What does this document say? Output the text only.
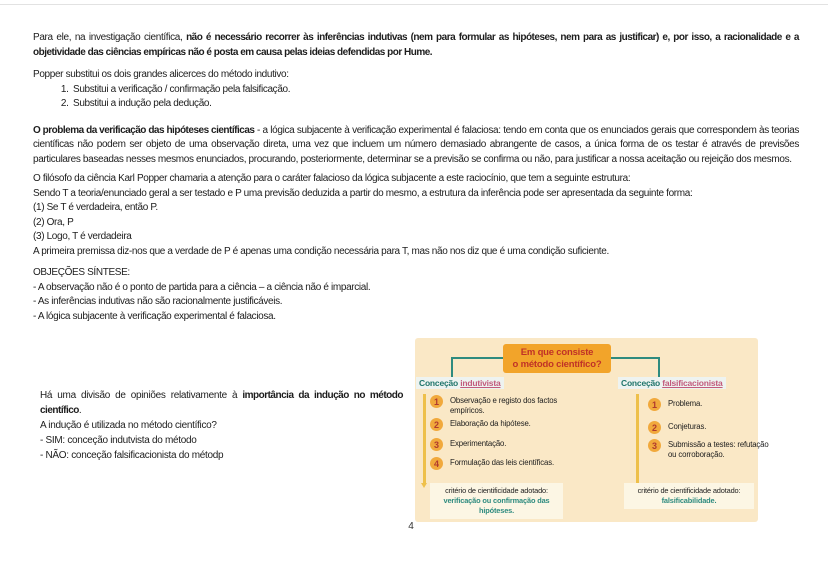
Para ele, na investigação científica, não é necessário recorrer às inferências indutivas (nem para formular as hipóteses, nem para as justificar) e, por isso, a racionalidade e a objetividade das ciências empíricas não é posta em causa pelas ideias defendidas por Hume.

Popper substitui os dois grandes alicerces do método indutivo:
1. Substitui a verificação / confirmação pela falsificação.
2. Substitui a indução pela dedução.

O problema da verificação das hipóteses científicas - a lógica subjacente à verificação experimental é falaciosa: tendo em conta que os enunciados gerais que correspondem às teorias científicas não podem ser objeto de uma observação direta, uma vez que incluem um número demasiado abrangente de casos, a única forma de os testar é através de previsões particulares baseadas nesses mesmos enunciados, procurando, posteriormente, determinar se a previsão se confirma ou não, para justificar a nossa aceitação ou rejeição dos mesmos.

O filósofo da ciência Karl Popper chamaria a atenção para o caráter falacioso da lógica subjacente a este raciocínio, que tem a seguinte estrutura:
Sendo T a teoria/enunciado geral a ser testado e P uma previsão deduzida a partir do mesmo, a estrutura da inferência pode ser apresentada da seguinte forma:
(1) Se T é verdadeira, então P.
(2) Ora, P
(3) Logo, T é verdadeira
A primeira premissa diz-nos que a verdade de P é apenas uma condição necessária para T, mas não nos diz que é uma condição suficiente.
OBJEÇÕES SÍNTESE:
- A observação não é o ponto de partida para a ciência – a ciência não é imparcial.
- As inferências indutivas não são racionalmente justificáveis.
- A lógica subjacente à verificação experimental é falaciosa.

Há uma divisão de opiniões relativamente à importância da indução no método científico.

A indução é utilizada no método científico?
- SIM: conceção indutvista do método
- NÃO: conceção falsificacionista do métodp
Em que consiste
o método científico?
Conceção indutivista	Conceção falsificacionista
1	Observação e registo dos factos empíricos.
2	Elaboração da hipótese.
3	Experimentação.
4	Formulação das leis científicas.
1	Problema.
2	Conjeturas.
3	Submissão a testes: refutação ou corroboração.
critério de cientificidade adotado:
verificação ou confirmação das hipóteses.
critério de cientificidade adotado:
falsificabilidade.
4
